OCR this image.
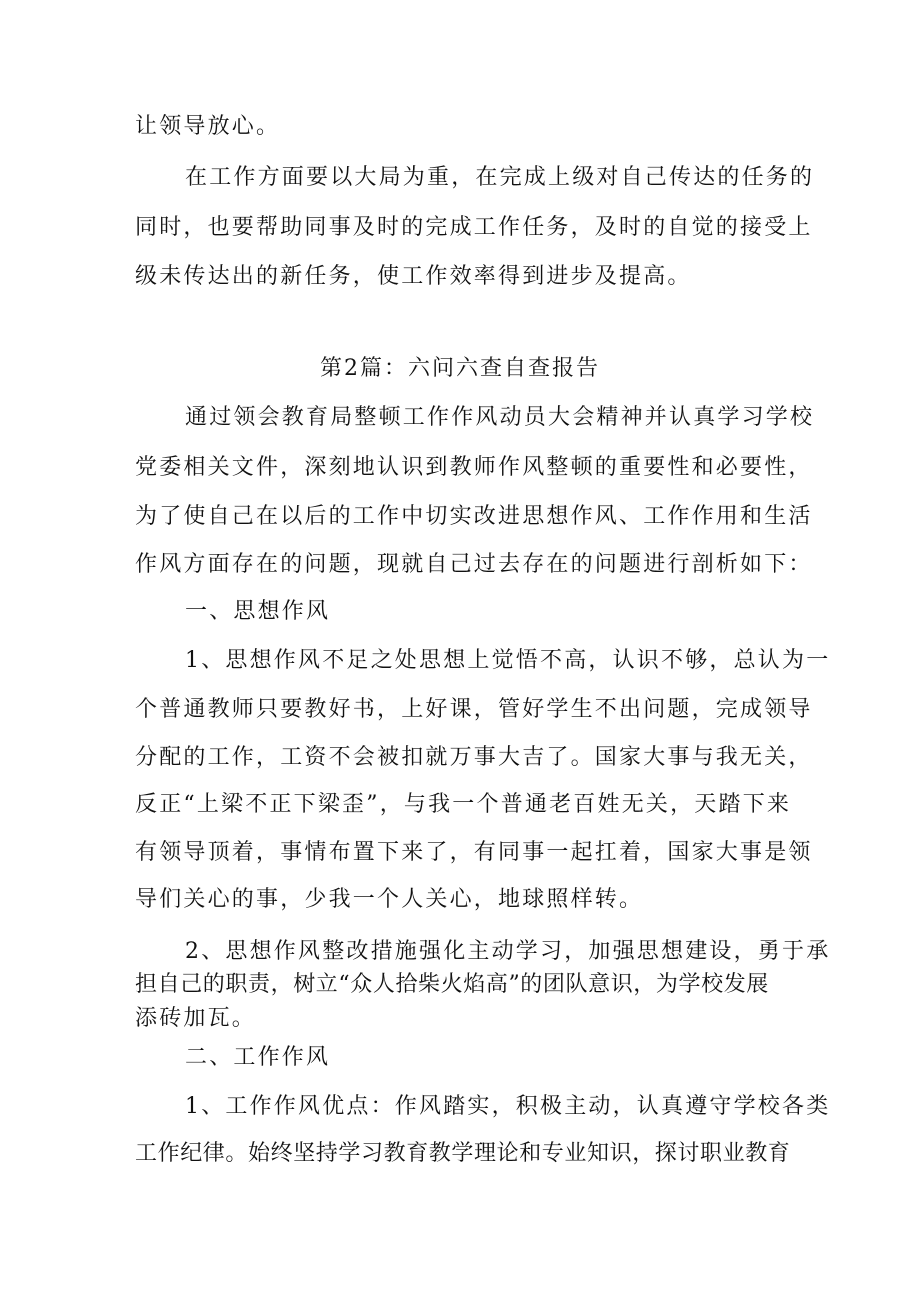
让领导放心。
在工作方面要以大局为重，在完成上级对自己传达的任务的
同时，也要帮助同事及时的完成工作任务，及时的自觉的接受上
级未传达出的新任务，使工作效率得到进步及提高。
第2篇：六问六查自查报告
通过领会教育局整顿工作作风动员大会精神并认真学习学校
党委相关文件，深刻地认识到教师作风整顿的重要性和必要性，
为了使自己在以后的工作中切实改进思想作风、工作作用和生活
作风方面存在的问题，现就自己过去存在的问题进行剖析如下：
一、思想作风
1、思想作风不足之处思想上觉悟不高，认识不够，总认为一
个普通教师只要教好书，上好课，管好学生不出问题，完成领导
分配的工作，工资不会被扣就万事大吉了。国家大事与我无关，
反正“上梁不正下梁歪”，与我一个普通老百姓无关，天踏下来
有领导顶着，事情布置下来了，有同事一起扛着，国家大事是领
导们关心的事，少我一个人关心，地球照样转。
2、思想作风整改措施强化主动学习，加强思想建设，勇于承
担自己的职责，树立“众人拾柴火焰高”的团队意识，为学校发展
添砖加瓦。
二、工作作风
1、工作作风优点：作风踏实，积极主动，认真遵守学校各类
工作纪律。始终坚持学习教育教学理论和专业知识，探讨职业教育
